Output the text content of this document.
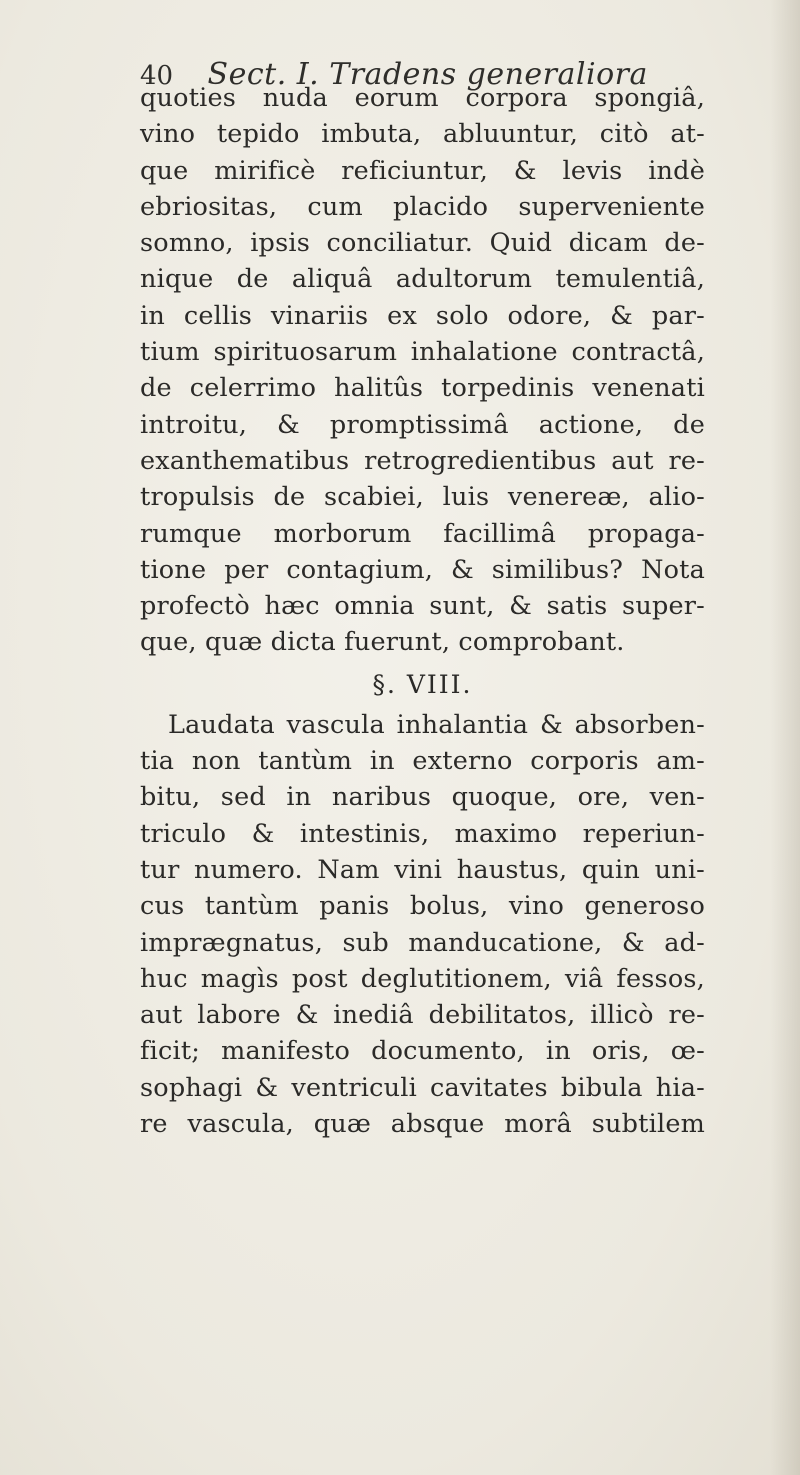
40 Sect. I. Tradens generaliora
quoties nuda eorum corpora spongiâ,
vino tepido imbuta, abluuntur, citò at-
que mirificè reficiuntur, & levis indè
ebriositas, cum placido superveniente
somno, ipsis conciliatur. Quid dicam de-
nique de aliquâ adultorum temulentiâ,
in cellis vinariis ex solo odore, & par-
tium spirituosarum inhalatione contractâ,
de celerrimo halitûs torpedinis venenati
introitu, & promptissimâ actione, de
exanthematibus retrogredientibus aut re-
tropulsis de scabiei, luis venereæ, alio-
rumque morborum facillimâ propaga-
tione per contagium, & similibus? Nota
profectò hæc omnia sunt, & satis super-
que, quæ dicta fuerunt, comprobant.
§. VIII.
Laudata vascula inhalantia & absorben-
tia non tantùm in externo corporis am-
bitu, sed in naribus quoque, ore, ven-
triculo & intestinis, maximo reperiun-
tur numero. Nam vini haustus, quin uni-
cus tantùm panis bolus, vino generoso
imprægnatus, sub manducatione, & ad-
huc magìs post deglutitionem, viâ fessos,
aut labore & inediâ debilitatos, illicò re-
ficit; manifesto documento, in oris, œ-
sophagi & ventriculi cavitates bibula hia-
re vascula, quæ absque morâ subtilem
